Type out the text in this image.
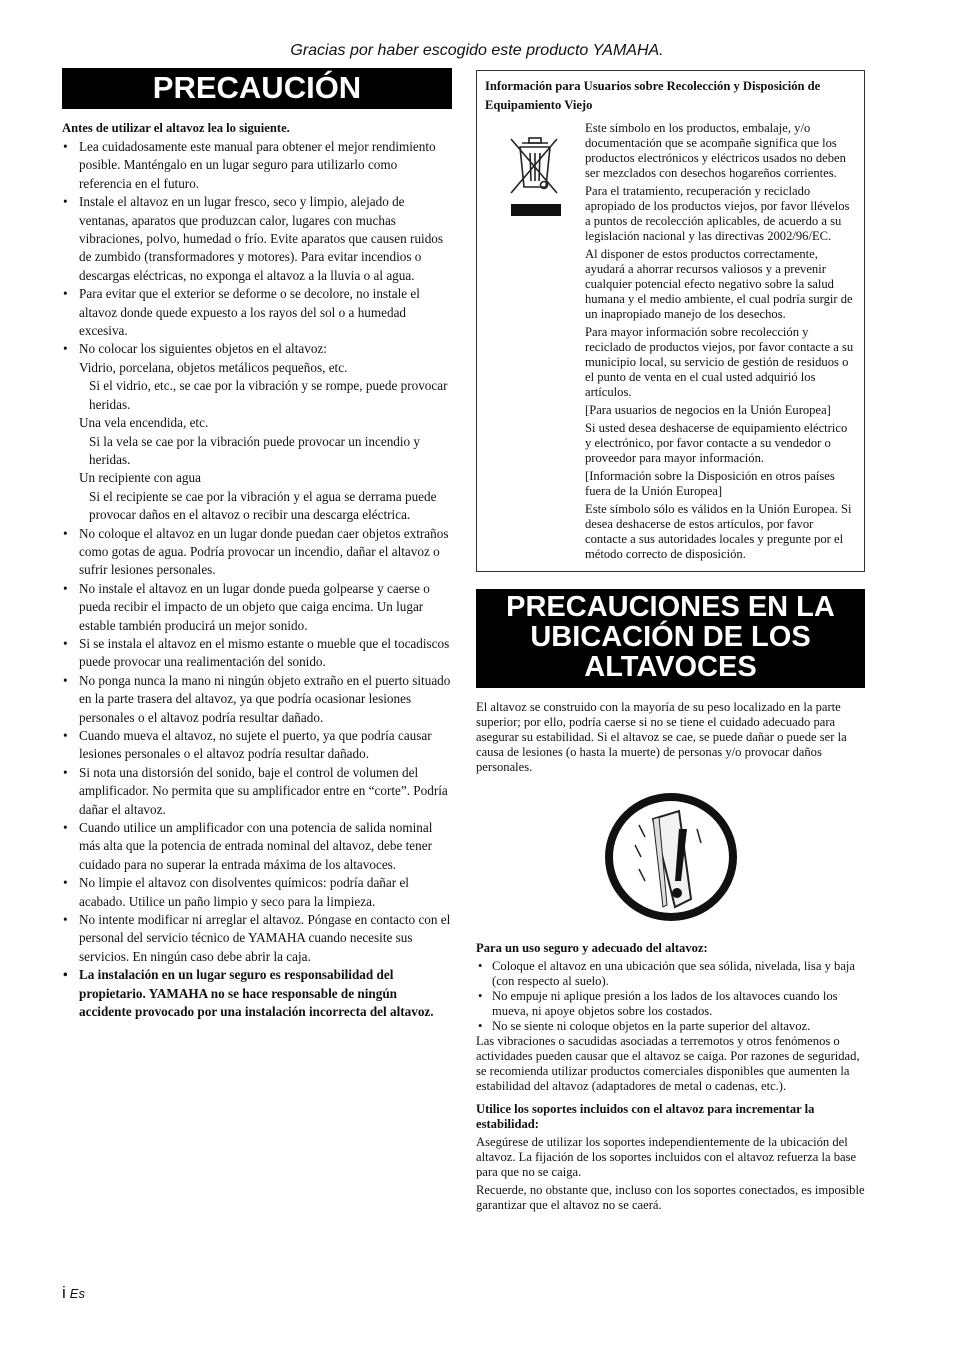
Gracias por haber escogido este producto YAMAHA.
PRECAUCIÓN
Antes de utilizar el altavoz lea lo siguiente.
• Lea cuidadosamente este manual para obtener el mejor rendimiento posible. Manténgalo en un lugar seguro para utilizarlo como referencia en el futuro.
• Instale el altavoz en un lugar fresco, seco y limpio, alejado de ventanas, aparatos que produzcan calor, lugares con muchas vibraciones, polvo, humedad o frío. Evite aparatos que causen ruidos de zumbido (transformadores y motores). Para evitar incendios o descargas eléctricas, no exponga el altavoz a la lluvia o al agua.
• Para evitar que el exterior se deforme o se decolore, no instale el altavoz donde quede expuesto a los rayos del sol o a humedad excesiva.
• No colocar los siguientes objetos en el altavoz:
Vidrio, porcelana, objetos metálicos pequeños, etc.
Si el vidrio, etc., se cae por la vibración y se rompe, puede provocar heridas.
Una vela encendida, etc.
Si la vela se cae por la vibración puede provocar un incendio y heridas.
Un recipiente con agua
Si el recipiente se cae por la vibración y el agua se derrama puede provocar daños en el altavoz o recibir una descarga eléctrica.
• No coloque el altavoz en un lugar donde puedan caer objetos extraños como gotas de agua. Podría provocar un incendio, dañar el altavoz o sufrir lesiones personales.
• No instale el altavoz en un lugar donde pueda golpearse y caerse o pueda recibir el impacto de un objeto que caiga encima. Un lugar estable también producirá un mejor sonido.
• Si se instala el altavoz en el mismo estante o mueble que el tocadiscos puede provocar una realimentación del sonido.
• No ponga nunca la mano ni ningún objeto extraño en el puerto situado en la parte trasera del altavoz, ya que podría ocasionar lesiones personales o el altavoz podría resultar dañado.
• Cuando mueva el altavoz, no sujete el puerto, ya que podría causar lesiones personales o el altavoz podría resultar dañado.
• Si nota una distorsión del sonido, baje el control de volumen del amplificador. No permita que su amplificador entre en “corte”. Podría dañar el altavoz.
• Cuando utilice un amplificador con una potencia de salida nominal más alta que la potencia de entrada nominal del altavoz, debe tener cuidado para no superar la entrada máxima de los altavoces.
• No limpie el altavoz con disolventes químicos: podría dañar el acabado. Utilice un paño limpio y seco para la limpieza.
• No intente modificar ni arreglar el altavoz. Póngase en contacto con el personal del servicio técnico de YAMAHA cuando necesite sus servicios. En ningún caso debe abrir la caja.
• La instalación en un lugar seguro es responsabilidad del propietario. YAMAHA no se hace responsable de ningún accidente provocado por una instalación incorrecta del altavoz.
Información para Usuarios sobre Recolección y Disposición de Equipamiento Viejo

Este símbolo en los productos, embalaje, y/o documentación que se acompañe significa que los productos electrónicos y eléctricos usados no deben ser mezclados con desechos hogareños corrientes.

Para el tratamiento, recuperación y reciclado apropiado de los productos viejos, por favor llévelos a puntos de recolección aplicables, de acuerdo a su legislación nacional y las directivas 2002/96/EC.

Al disponer de estos productos correctamente, ayudará a ahorrar recursos valiosos y a prevenir cualquier potencial efecto negativo sobre la salud humana y el medio ambiente, el cual podría surgir de un inapropiado manejo de los desechos.

Para mayor información sobre recolección y reciclado de productos viejos, por favor contacte a su municipio local, su servicio de gestión de residuos o el punto de venta en el cual usted adquirió los artículos.

[Para usuarios de negocios en la Unión Europea]

Si usted desea deshacerse de equipamiento eléctrico y electrónico, por favor contacte a su vendedor o proveedor para mayor información.

[Información sobre la Disposición en otros países fuera de la Unión Europea]

Este símbolo sólo es válidos en la Unión Europea. Si desea deshacerse de estos artículos, por favor contacte a sus autoridades locales y pregunte por el método correcto de disposición.

PRECAUCIONES EN LA UBICACIÓN DE LOS ALTAVOCES

El altavoz se construido con la mayoría de su peso localizado en la parte superior; por ello, podría caerse si no se tiene el cuidado adecuado para asegurar su estabilidad. Si el altavoz se cae, se puede dañar o puede ser la causa de lesiones (o hasta la muerte) de personas y/o provocar daños personales.

Para un uso seguro y adecuado del altavoz:

• Coloque el altavoz en una ubicación que sea sólida, nivelada, lisa y baja (con respecto al suelo).
• No empuje ni aplique presión a los lados de los altavoces cuando los mueva, ni apoye objetos sobre los costados.
• No se siente ni coloque objetos en la parte superior del altavoz.

Las vibraciones o sacudidas asociadas a terremotos y otros fenómenos o actividades pueden causar que el altavoz se caiga. Por razones de seguridad, se recomienda utilizar productos comerciales disponibles que aumenten la estabilidad del altavoz (adaptadores de metal o cadenas, etc.).

Utilice los soportes incluidos con el altavoz para incrementar la estabilidad:

Asegúrese de utilizar los soportes independientemente de la ubicación del altavoz. La fijación de los soportes incluidos con el altavoz refuerza la base para que no se caiga.

Recuerde, no obstante que, incluso con los soportes conectados, es imposible garantizar que el altavoz no se caerá.

i Es
